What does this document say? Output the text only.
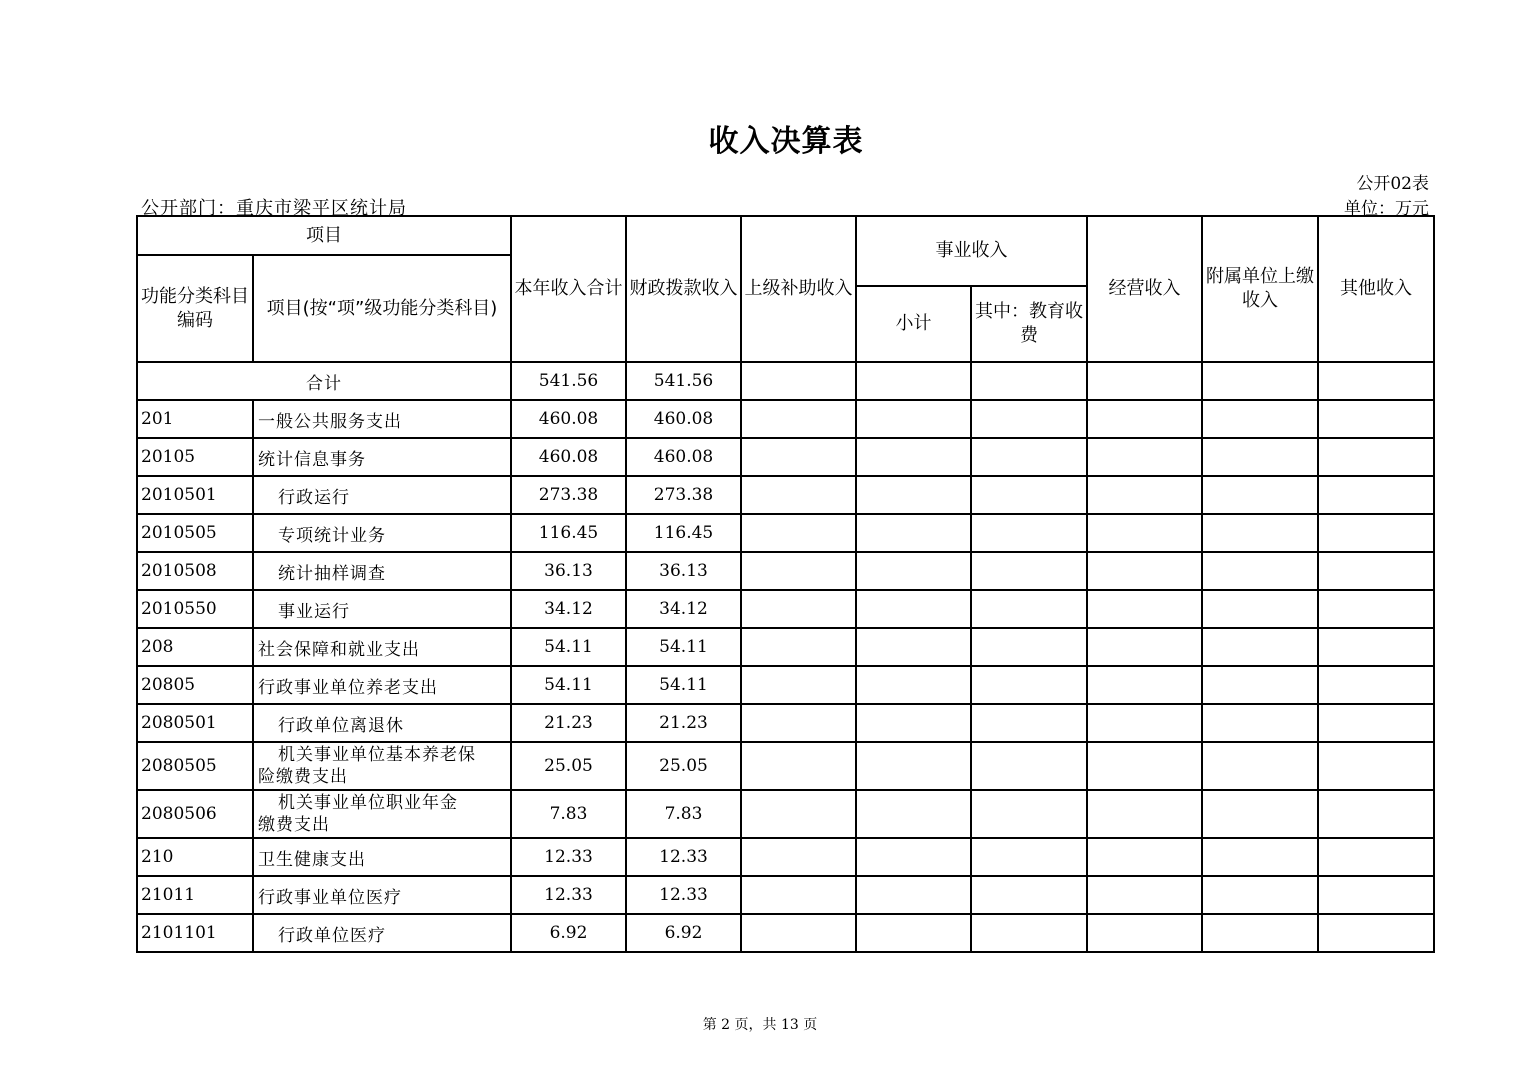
收入决算表
公开02表
单位：万元
公开部门：重庆市梁平区统计局
项目		本年收入合计	财政拨款收入	上级补助收入	事业收入		经营收入	附属单位上缴收入	其他收入
功能分类科目编码	项目(按“项”级功能分类科目)								
					小计	其中：教育收费			
合计		541.56	541.56						
201	一般公共服务支出	460.08	460.08						
20105	统计信息事务	460.08	460.08						
2010501	行政运行	273.38	273.38						
2010505	专项统计业务	116.45	116.45						
2010508	统计抽样调查	36.13	36.13						
2010550	事业运行	34.12	34.12						
208	社会保障和就业支出	54.11	54.11						
20805	行政事业单位养老支出	54.11	54.11						
2080501	行政单位离退休	21.23	21.23						
2080505	机关事业单位基本养老保
险缴费支出	25.05	25.05						
2080506	机关事业单位职业年金
缴费支出	7.83	7.83						
210	卫生健康支出	12.33	12.33						
21011	行政事业单位医疗	12.33	12.33						
2101101	行政单位医疗	6.92	6.92						
第 2 页，共 13 页
